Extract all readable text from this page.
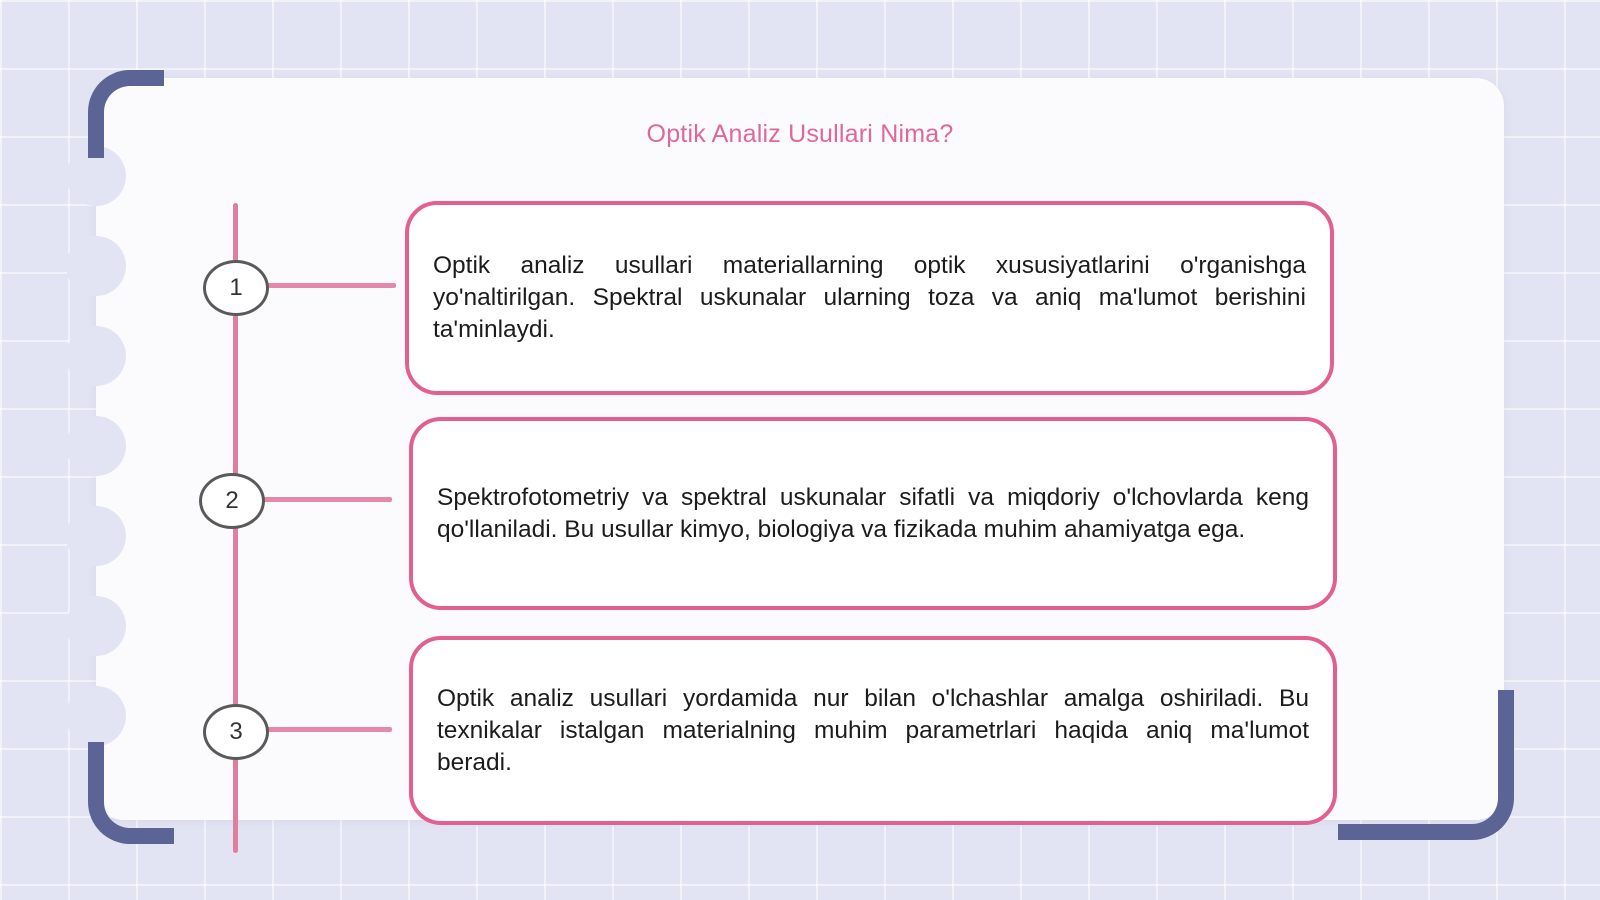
Optik Analiz Usullari Nima?
1
2
3

Optik analiz usullari materiallarning optik xususiyatlarini o'rganishga yo'naltirilgan. Spektral uskunalar ularning toza va aniq ma'lumot berishini ta'minlaydi.

Spektrofotometriy va spektral uskunalar sifatli va miqdoriy o'lchovlarda keng qo'llaniladi. Bu usullar kimyo, biologiya va fizikada muhim ahamiyatga ega.

Optik analiz usullari yordamida nur bilan o'lchashlar amalga oshiriladi. Bu texnikalar istalgan materialning muhim parametrlari haqida aniq ma'lumot beradi.
